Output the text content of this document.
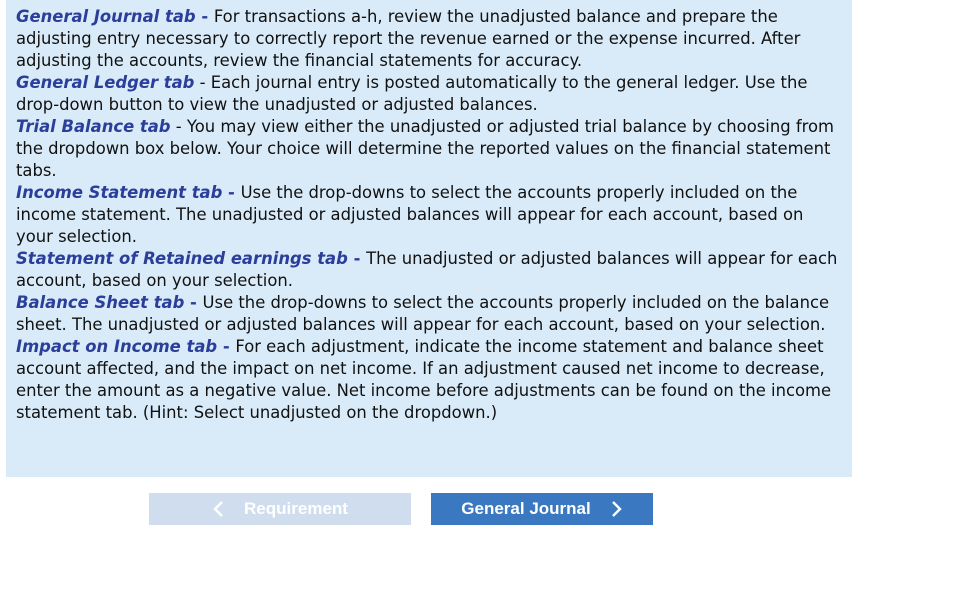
General Journal tab - For transactions a-h, review the unadjusted balance and prepare the adjusting entry necessary to correctly report the revenue earned or the expense incurred. After adjusting the accounts, review the financial statements for accuracy.

General Ledger tab - Each journal entry is posted automatically to the general ledger. Use the drop-down button to view the unadjusted or adjusted balances.

Trial Balance tab - You may view either the unadjusted or adjusted trial balance by choosing from the dropdown box below. Your choice will determine the reported values on the financial statement tabs.

Income Statement tab - Use the drop-downs to select the accounts properly included on the income statement. The unadjusted or adjusted balances will appear for each account, based on your selection.

Statement of Retained earnings tab - The unadjusted or adjusted balances will appear for each account, based on your selection.

Balance Sheet tab - Use the drop-downs to select the accounts properly included on the balance sheet. The unadjusted or adjusted balances will appear for each account, based on your selection.

Impact on Income tab - For each adjustment, indicate the income statement and balance sheet account affected, and the impact on net income. If an adjustment caused net income to decrease, enter the amount as a negative value. Net income before adjustments can be found on the income statement tab. (Hint: Select unadjusted on the dropdown.)

Requirement	General Journal
